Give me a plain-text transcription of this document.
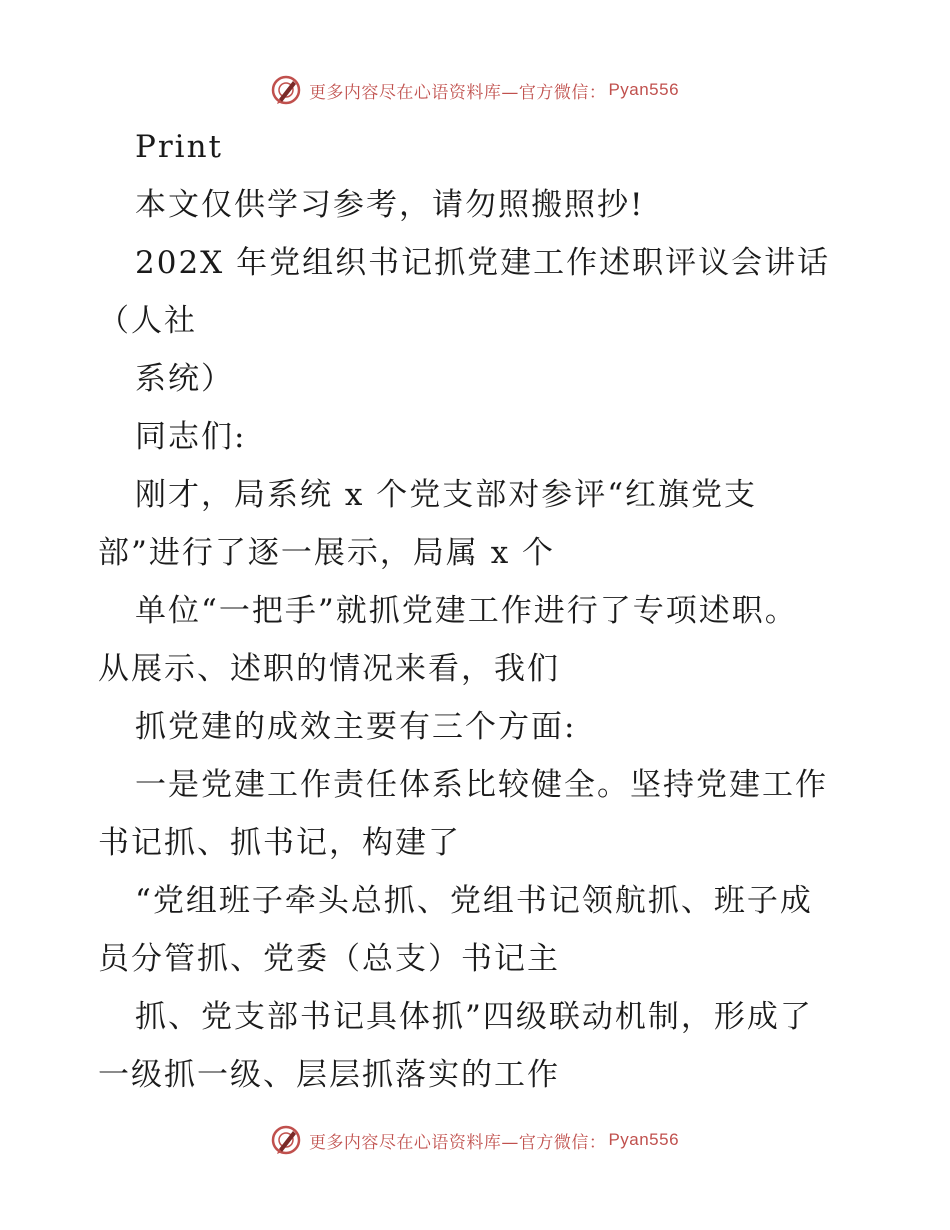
更多内容尽在心语资料库—官方微信： Pyan556
Print
本文仅供学习参考，请勿照搬照抄!
202X 年党组织书记抓党建工作述职评议会讲话
（人社
系统）
同志们:
刚才，局系统 x 个党支部对参评“红旗党支
部”进行了逐一展示，局属 x 个
单位“一把手”就抓党建工作进行了专项述职。
从展示、述职的情况来看，我们
抓党建的成效主要有三个方面:
一是党建工作责任体系比较健全。坚持党建工作
书记抓、抓书记，构建了
“党组班子牵头总抓、党组书记领航抓、班子成
员分管抓、党委（总支）书记主
抓、党支部书记具体抓”四级联动机制，形成了
一级抓一级、层层抓落实的工作
更多内容尽在心语资料库—官方微信： Pyan556
